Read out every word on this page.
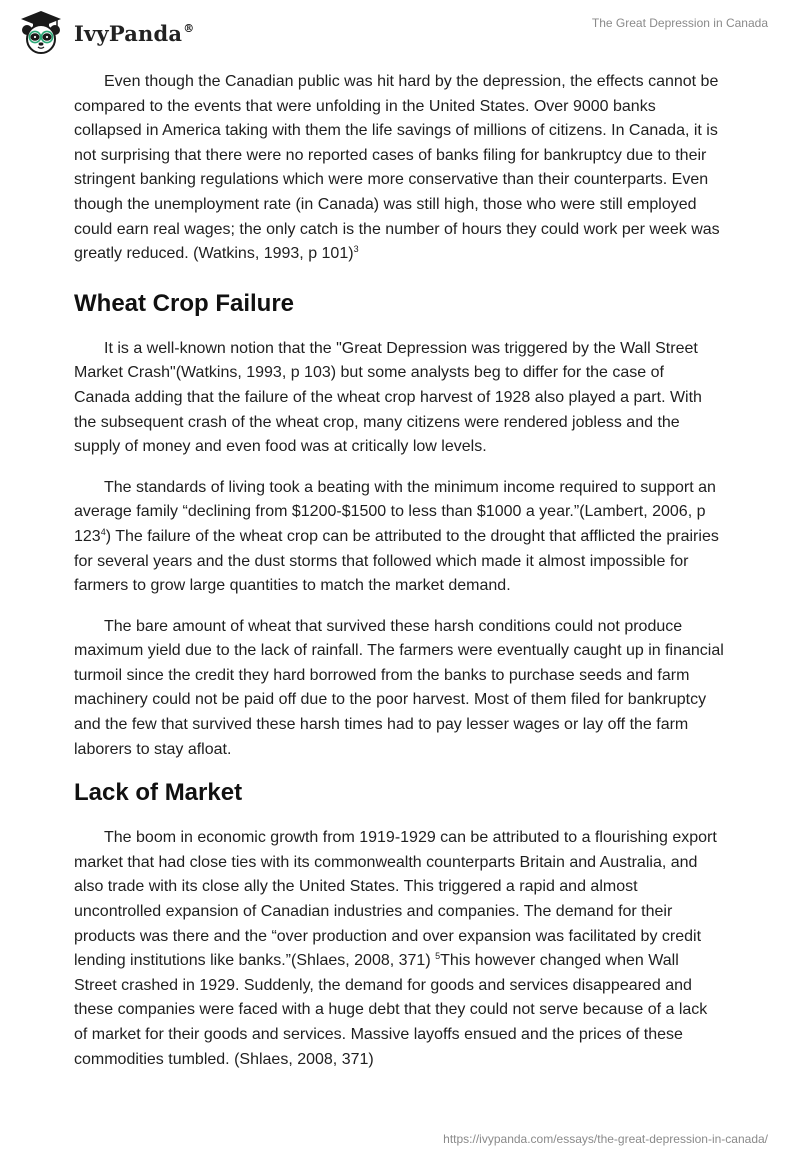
IvyPanda®	The Great Depression in Canada

Even though the Canadian public was hit hard by the depression, the effects cannot be compared to the events that were unfolding in the United States. Over 9000 banks collapsed in America taking with them the life savings of millions of citizens. In Canada, it is not surprising that there were no reported cases of banks filing for bankruptcy due to their stringent banking regulations which were more conservative than their counterparts. Even though the unemployment rate (in Canada) was still high, those who were still employed could earn real wages; the only catch is the number of hours they could work per week was greatly reduced. (Watkins, 1993, p 101)$^3$

Wheat Crop Failure

It is a well-known notion that the "Great Depression was triggered by the Wall Street Market Crash"(Watkins, 1993, p 103) but some analysts beg to differ for the case of Canada adding that the failure of the wheat crop harvest of 1928 also played a part. With the subsequent crash of the wheat crop, many citizens were rendered jobless and the supply of money and even food was at critically low levels.

The standards of living took a beating with the minimum income required to support an average family “declining from $1200-$1500 to less than $1000 a year.”(Lambert, 2006, p $123^4$) The failure of the wheat crop can be attributed to the drought that afflicted the prairies for several years and the dust storms that followed which made it almost impossible for farmers to grow large quantities to match the market demand.

The bare amount of wheat that survived these harsh conditions could not produce maximum yield due to the lack of rainfall. The farmers were eventually caught up in financial turmoil since the credit they hard borrowed from the banks to purchase seeds and farm machinery could not be paid off due to the poor harvest. Most of them filed for bankruptcy and the few that survived these harsh times had to pay lesser wages or lay off the farm laborers to stay afloat.

Lack of Market

The boom in economic growth from 1919-1929 can be attributed to a flourishing export market that had close ties with its commonwealth counterparts Britain and Australia, and also trade with its close ally the United States. This triggered a rapid and almost uncontrolled expansion of Canadian industries and companies. The demand for their products was there and the “over production and over expansion was facilitated by credit lending institutions like banks.”(Shlaes, 2008, 371) $^5$This however changed when Wall Street crashed in 1929. Suddenly, the demand for goods and services disappeared and these companies were faced with a huge debt that they could not serve because of a lack of market for their goods and services. Massive layoffs ensued and the prices of these commodities tumbled. (Shlaes, 2008, 371)

https://ivypanda.com/essays/the-great-depression-in-canada/
